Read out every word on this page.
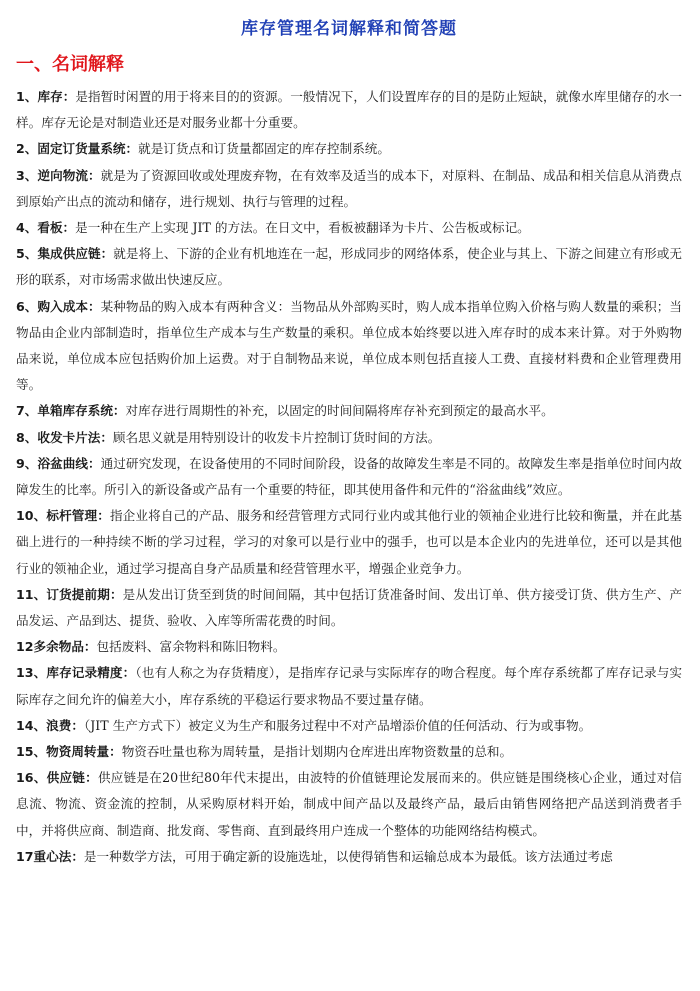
库存管理名词解释和简答题
一、名词解释

1、库存：是指暂时闲置的用于将来目的的资源。一般情况下，人们设置库存的目的是防止短缺，就像水库里储存的水一样。库存无论是对制造业还是对服务业都十分重要。

2、固定订货量系统：就是订货点和订货量都固定的库存控制系统。

3、逆向物流：就是为了资源回收或处理废弃物，在有效率及适当的成本下，对原料、在制品、成品和相关信息从消费点到原始产出点的流动和储存，进行规划、执行与管理的过程。

4、看板：是一种在生产上实现 JIT 的方法。在日文中，看板被翻译为卡片、公告板或标记。

5、集成供应链：就是将上、下游的企业有机地连在一起，形成同步的网络体系，使企业与其上、下游之间建立有形或无形的联系，对市场需求做出快速反应。

6、购入成本：某种物品的购入成本有两种含义：当物品从外部购买时，购人成本指单位购入价格与购人数量的乘积；当物品由企业内部制造时，指单位生产成本与生产数量的乘积。单位成本始终要以进入库存时的成本来计算。对于外购物品来说，单位成本应包括购价加上运费。对于自制物品来说，单位成本则包括直接人工费、直接材料费和企业管理费用等。

7、单箱库存系统：对库存进行周期性的补充，以固定的时间间隔将库存补充到预定的最高水平。

8、收发卡片法：顾名思义就是用特别设计的收发卡片控制订货时间的方法。

9、浴盆曲线：通过研究发现，在设备使用的不同时间阶段，设备的故障发生率是不同的。故障发生率是指单位时间内故障发生的比率。所引入的新设备或产品有一个重要的特征，即其使用备件和元件的“浴盆曲线”效应。

10、标杆管理：指企业将自己的产品、服务和经营管理方式同行业内或其他行业的领袖企业进行比较和衡量，并在此基础上进行的一种持续不断的学习过程，学习的对象可以是行业中的强手，也可以是本企业内的先进单位，还可以是其他行业的领袖企业，通过学习提高自身产品质量和经营管理水平，增强企业竞争力。

11、订货提前期：是从发出订货至到货的时间间隔，其中包括订货准备时间、发出订单、供方接受订货、供方生产、产品发运、产品到达、提货、验收、入库等所需花费的时间。

12多余物品：包括废料、富余物料和陈旧物料。

13、库存记录精度：（也有人称之为存货精度），是指库存记录与实际库存的吻合程度。每个库存系统都了库存记录与实际库存之间允许的偏差大小，库存系统的平稳运行要求物品不要过量存储。

14、浪费：（JIT 生产方式下）被定义为生产和服务过程中不对产品增添价值的任何活动、行为或事物。

15、物资周转量：物资吞吐量也称为周转量，是指计划期内仓库进出库物资数量的总和。

16、供应链：供应链是在20世纪80年代末提出，由波特的价值链理论发展而来的。供应链是围绕核心企业，通过对信息流、物流、资金流的控制，从采购原材料开始，制成中间产品以及最终产品，最后由销售网络把产品送到消费者手中，并将供应商、制造商、批发商、零售商、直到最终用户连成一个整体的功能网络结构模式。

17重心法：是一种数学方法，可用于确定新的设施选址，以使得销售和运输总成本为最低。该方法通过考虑
